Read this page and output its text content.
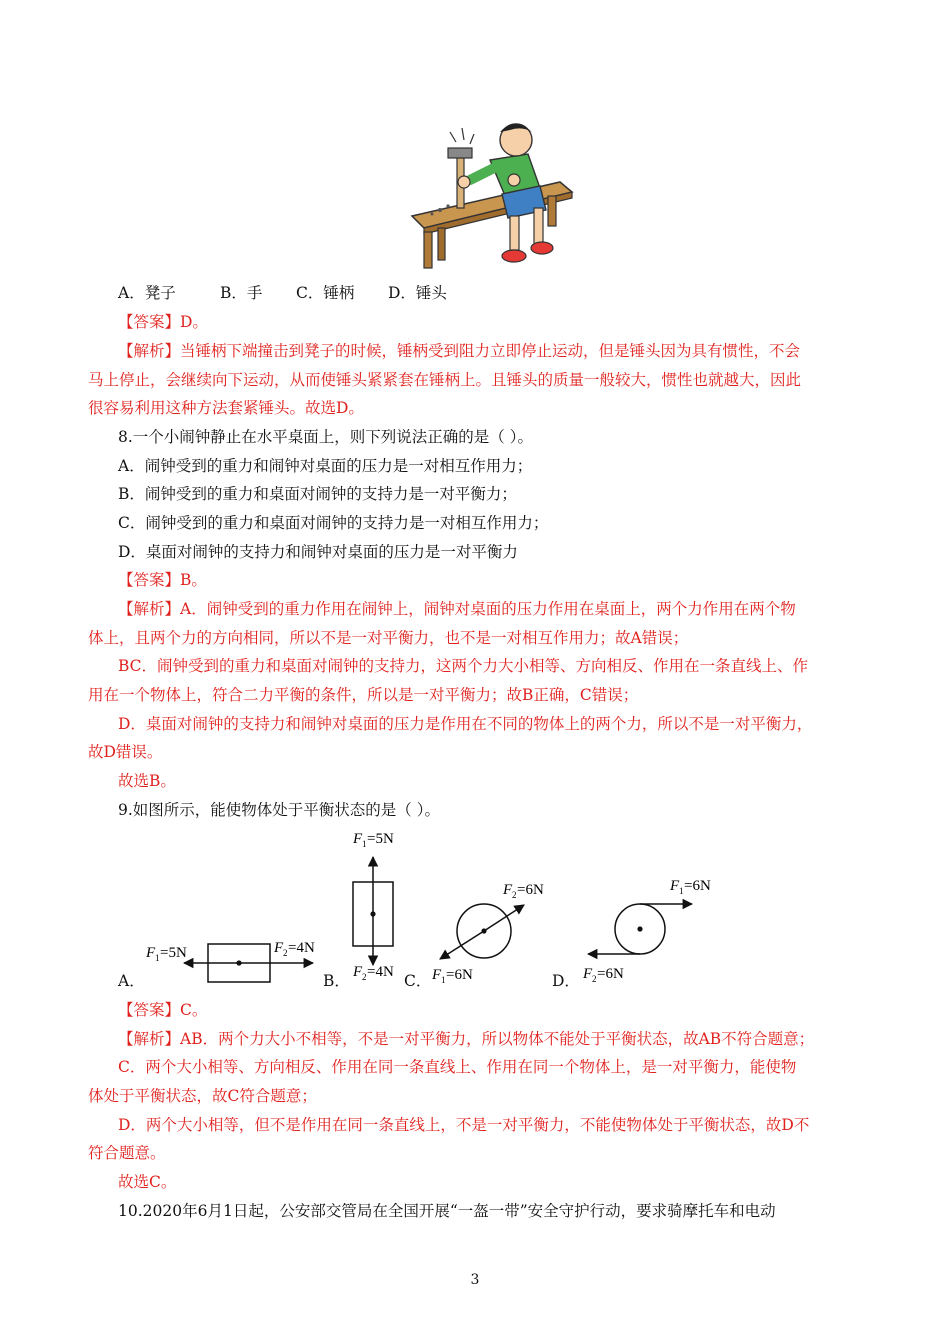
A．凳子	B．手 C．锤柄 D．锤头
【答案】D。
【解析】当锤柄下端撞击到凳子的时候，锤柄受到阻力立即停止运动，但是锤头因为具有惯性，不会
马上停止，会继续向下运动，从而使锤头紧紧套在锤柄上。且锤头的质量一般较大，惯性也就越大，因此
很容易利用这种方法套紧锤头。故选D。
8.一个小闹钟静止在水平桌面上，则下列说法正确的是（ ）。
A．闹钟受到的重力和闹钟对桌面的压力是一对相互作用力；
B．闹钟受到的重力和桌面对闹钟的支持力是一对平衡力；
C．闹钟受到的重力和桌面对闹钟的支持力是一对相互作用力；
D．桌面对闹钟的支持力和闹钟对桌面的压力是一对平衡力
【答案】B。
【解析】A．闹钟受到的重力作用在闹钟上，闹钟对桌面的压力作用在桌面上，两个力作用在两个物
体上，且两个力的方向相同，所以不是一对平衡力，也不是一对相互作用力；故A错误；
BC．闹钟受到的重力和桌面对闹钟的支持力，这两个力大小相等、方向相反、作用在一条直线上、作
用在一个物体上，符合二力平衡的条件，所以是一对平衡力；故B正确，C错误；
D．桌面对闹钟的支持力和闹钟对桌面的压力是作用在不同的物体上的两个力，所以不是一对平衡力，
故D错误。
故选B。
9.如图所示，能使物体处于平衡状态的是（ ）。
A．	B．	C．	D．
F 1 =5N	F 2 =4N
F 1 =5N
F 2 =4N
F 2 =6N
F 1 =6N
F 1 =6N
F 2 =6N
【答案】C。
【解析】AB．两个力大小不相等，不是一对平衡力，所以物体不能处于平衡状态，故AB不符合题意；
C．两个大小相等、方向相反、作用在同一条直线上、作用在同一个物体上，是一对平衡力，能使物
体处于平衡状态，故C符合题意；
D．两个大小相等，但不是作用在同一条直线上，不是一对平衡力，不能使物体处于平衡状态，故D不
符合题意。
故选C。
10.2020年6月1日起，公安部交管局在全国开展“一盔一带”安全守护行动，要求骑摩托车和电动
3
